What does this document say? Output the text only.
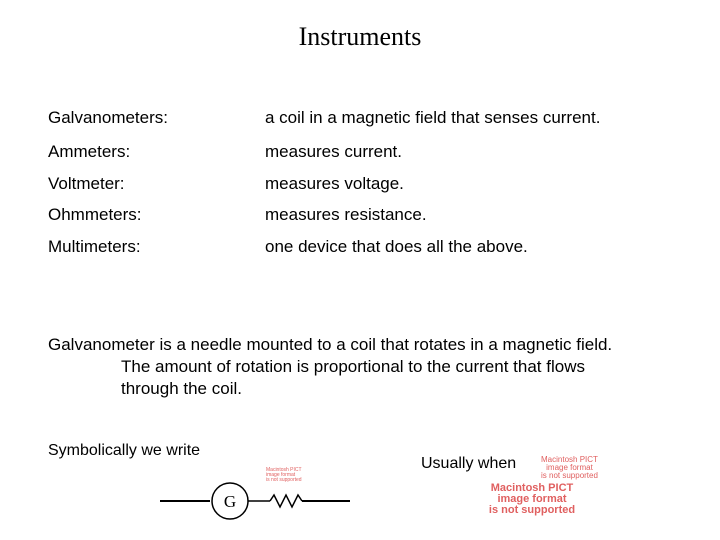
Instruments
Galvanometers:	a coil in a magnetic field that senses current.
Ammeters:	measures current.
Voltmeter:	measures voltage.
Ohmmeters:	measures resistance.
Multimeters:	one device that does all the above.
Galvanometer is a needle mounted to a coil that rotates in a magnetic field.
The amount of rotation is proportional to the current that flows
through the coil.
Symbolically we write
Macintosh PICT
image format
is not supported
G
Usually when	Macintosh PICT
image format
is not supported
Macintosh PICT
image format
is not supported
